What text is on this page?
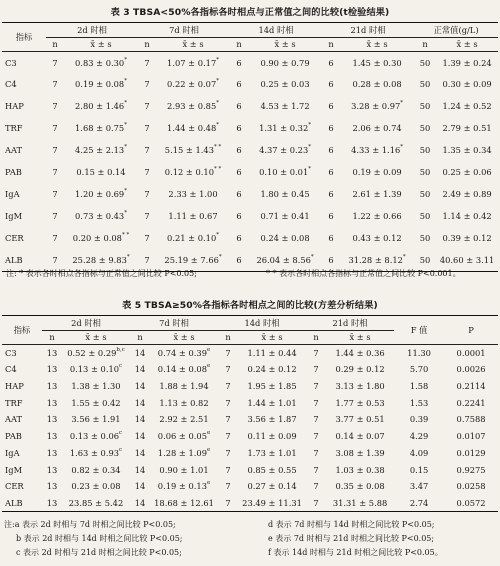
表 3 TBSA<50%各指标各时相点与正常值之间的比较(t检验结果)
指标	2d 时相		7d 时相		14d 时相		21d 时相		正常值(g/L)	
	n	x̄ ± s	n	x̄ ± s	n	x̄ ± s	n	x̄ ± s	n	x̄ ± s
C3	7	0.83 ± 0.30*	7	1.07 ± 0.17*	6	0.90 ± 0.79	6	1.45 ± 0.30	50	1.39 ± 0.24
C4	7	0.19 ± 0.08*	7	0.22 ± 0.07*	6	0.25 ± 0.03	6	0.28 ± 0.08	50	0.30 ± 0.09
HAP	7	2.80 ± 1.46*	7	2.93 ± 0.85*	6	4.53 ± 1.72	6	3.28 ± 0.97*	50	1.24 ± 0.52
TRF	7	1.68 ± 0.75*	7	1.44 ± 0.48*	6	1.31 ± 0.32*	6	2.06 ± 0.74	50	2.79 ± 0.51
AAT	7	4.25 ± 2.13*	7	5.15 ± 1.43* *	6	4.37 ± 0.23*	6	4.33 ± 1.16*	50	1.35 ± 0.34
PAB	7	0.15 ± 0.14	7	0.12 ± 0.10* *	6	0.10 ± 0.01*	6	0.19 ± 0.09	50	0.25 ± 0.06
IgA	7	1.20 ± 0.69*	7	2.33 ± 1.00	6	1.80 ± 0.45	6	2.61 ± 1.39	50	2.49 ± 0.89
IgM	7	0.73 ± 0.43*	7	1.11 ± 0.67	6	0.71 ± 0.41	6	1.22 ± 0.66	50	1.14 ± 0.42
CER	7	0.20 ± 0.08* *	7	0.21 ± 0.10*	6	0.24 ± 0.08	6	0.43 ± 0.12	50	0.39 ± 0.12
ALB	7	25.28 ± 9.83*	7	25.19 ± 7.66*	6	26.04 ± 8.56*	6	31.28 ± 8.12*	50	40.60 ± 3.11
注: * 表示各时相点各指标与正常值之间比较 P<0.05;	* * 表示各时相点各指标与正常值之间比较 P<0.001。
表 5 TBSA≥50%各指标各时相点之间的比较(方差分析结果)
指标	2d 时相		7d 时相		14d 时相		21d 时相		F 值	P
	n	x̄ ± s	n	x̄ ± s	n	x̄ ± s	n	x̄ ± s		
C3	13	$0.52 \pm 0.29^{b,c}$	14	0.74 ± 0.39$^e$	7	1.11 ± 0.44	7	1.44 ± 0.36	11.30	0.0001
C4	13	0.13 ± 0.10$^c$	14	0.14 ± 0.08$^e$	7	0.24 ± 0.12	7	0.29 ± 0.12	5.70	0.0026
HAP	13	1.38 ± 1.30	14	1.88 ± 1.94	7	1.95 ± 1.85	7	3.13 ± 1.80	1.58	0.2114
TRF	13	1.55 ± 0.42	14	1.13 ± 0.82	7	1.44 ± 1.01	7	1.77 ± 0.53	1.53	0.2241
AAT	13	3.56 ± 1.91	14	2.92 ± 2.51	7	3.56 ± 1.87	7	3.77 ± 0.51	0.39	0.7588
PAB	13	0.13 ± 0.06$^c$	14	0.06 ± 0.05$^e$	7	0.11 ± 0.09	7	0.14 ± 0.07	4.29	0.0107
IgA	13	1.63 ± 0.93$^c$	14	1.28 ± 1.09$^e$	7	1.73 ± 1.01	7	3.08 ± 1.39	4.09	0.0129
IgM	13	0.82 ± 0.34	14	0.90 ± 1.01	7	0.85 ± 0.55	7	1.03 ± 0.38	0.15	0.9275
CER	13	0.23 ± 0.08	14	0.19 ± 0.13$^e$	7	0.27 ± 0.14	7	0.35 ± 0.08	3.47	0.0258
ALB	13	23.85 ± 5.42	14	18.68 ± 12.61	7	23.49 ± 11.31	7	31.31 ± 5.88	2.74	0.0572
注:a 表示 2d 时相与 7d 时相之间比较 P<0.05;
b 表示 2d 时相与 14d 时相之间比较 P<0.05;
c 表示 2d 时相与 21d 时相之间比较 P<0.05;
d 表示 7d 时相与 14d 时相之间比较 P<0.05;
e 表示 7d 时相与 21d 时相之间比较 P<0.05;
f 表示 14d 时相与 21d 时相之间比较 P<0.05。
